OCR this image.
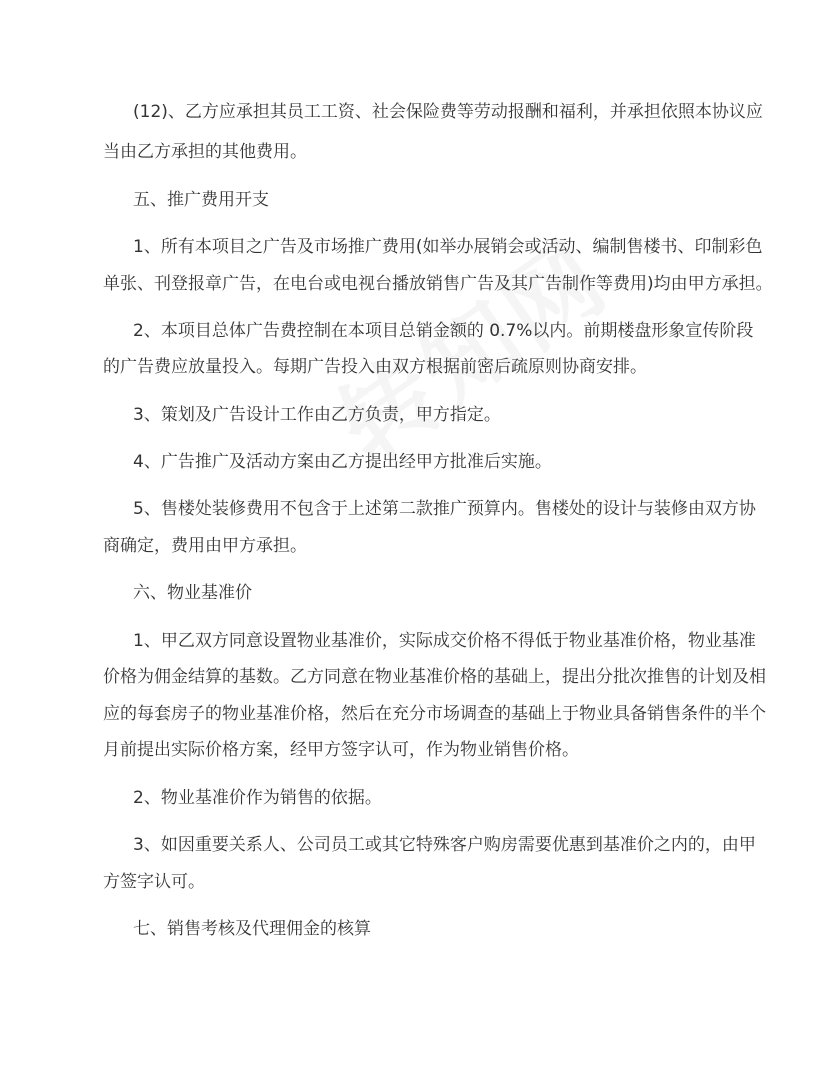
(12)、乙方应承担其员工工资、社会保险费等劳动报酬和福利，并承担依照本协议应
当由乙方承担的其他费用。
五、推广费用开支
1、所有本项目之广告及市场推广费用(如举办展销会或活动、编制售楼书、印制彩色
单张、刊登报章广告，在电台或电视台播放销售广告及其广告制作等费用)均由甲方承担。
2、本项目总体广告费控制在本项目总销金额的 0.7%以内。前期楼盘形象宣传阶段
的广告费应放量投入。每期广告投入由双方根据前密后疏原则协商安排。
3、策划及广告设计工作由乙方负责，甲方指定。
4、广告推广及活动方案由乙方提出经甲方批准后实施。
5、售楼处装修费用不包含于上述第二款推广预算内。售楼处的设计与装修由双方协
商确定，费用由甲方承担。
六、物业基准价
1、甲乙双方同意设置物业基准价，实际成交价格不得低于物业基准价格，物业基准
价格为佣金结算的基数。乙方同意在物业基准价格的基础上，提出分批次推售的计划及相
应的每套房子的物业基准价格，然后在充分市场调查的基础上于物业具备销售条件的半个
月前提出实际价格方案，经甲方签字认可，作为物业销售价格。
2、物业基准价作为销售的依据。
3、如因重要关系人、公司员工或其它特殊客户购房需要优惠到基准价之内的，由甲
方签字认可。
七、销售考核及代理佣金的核算
